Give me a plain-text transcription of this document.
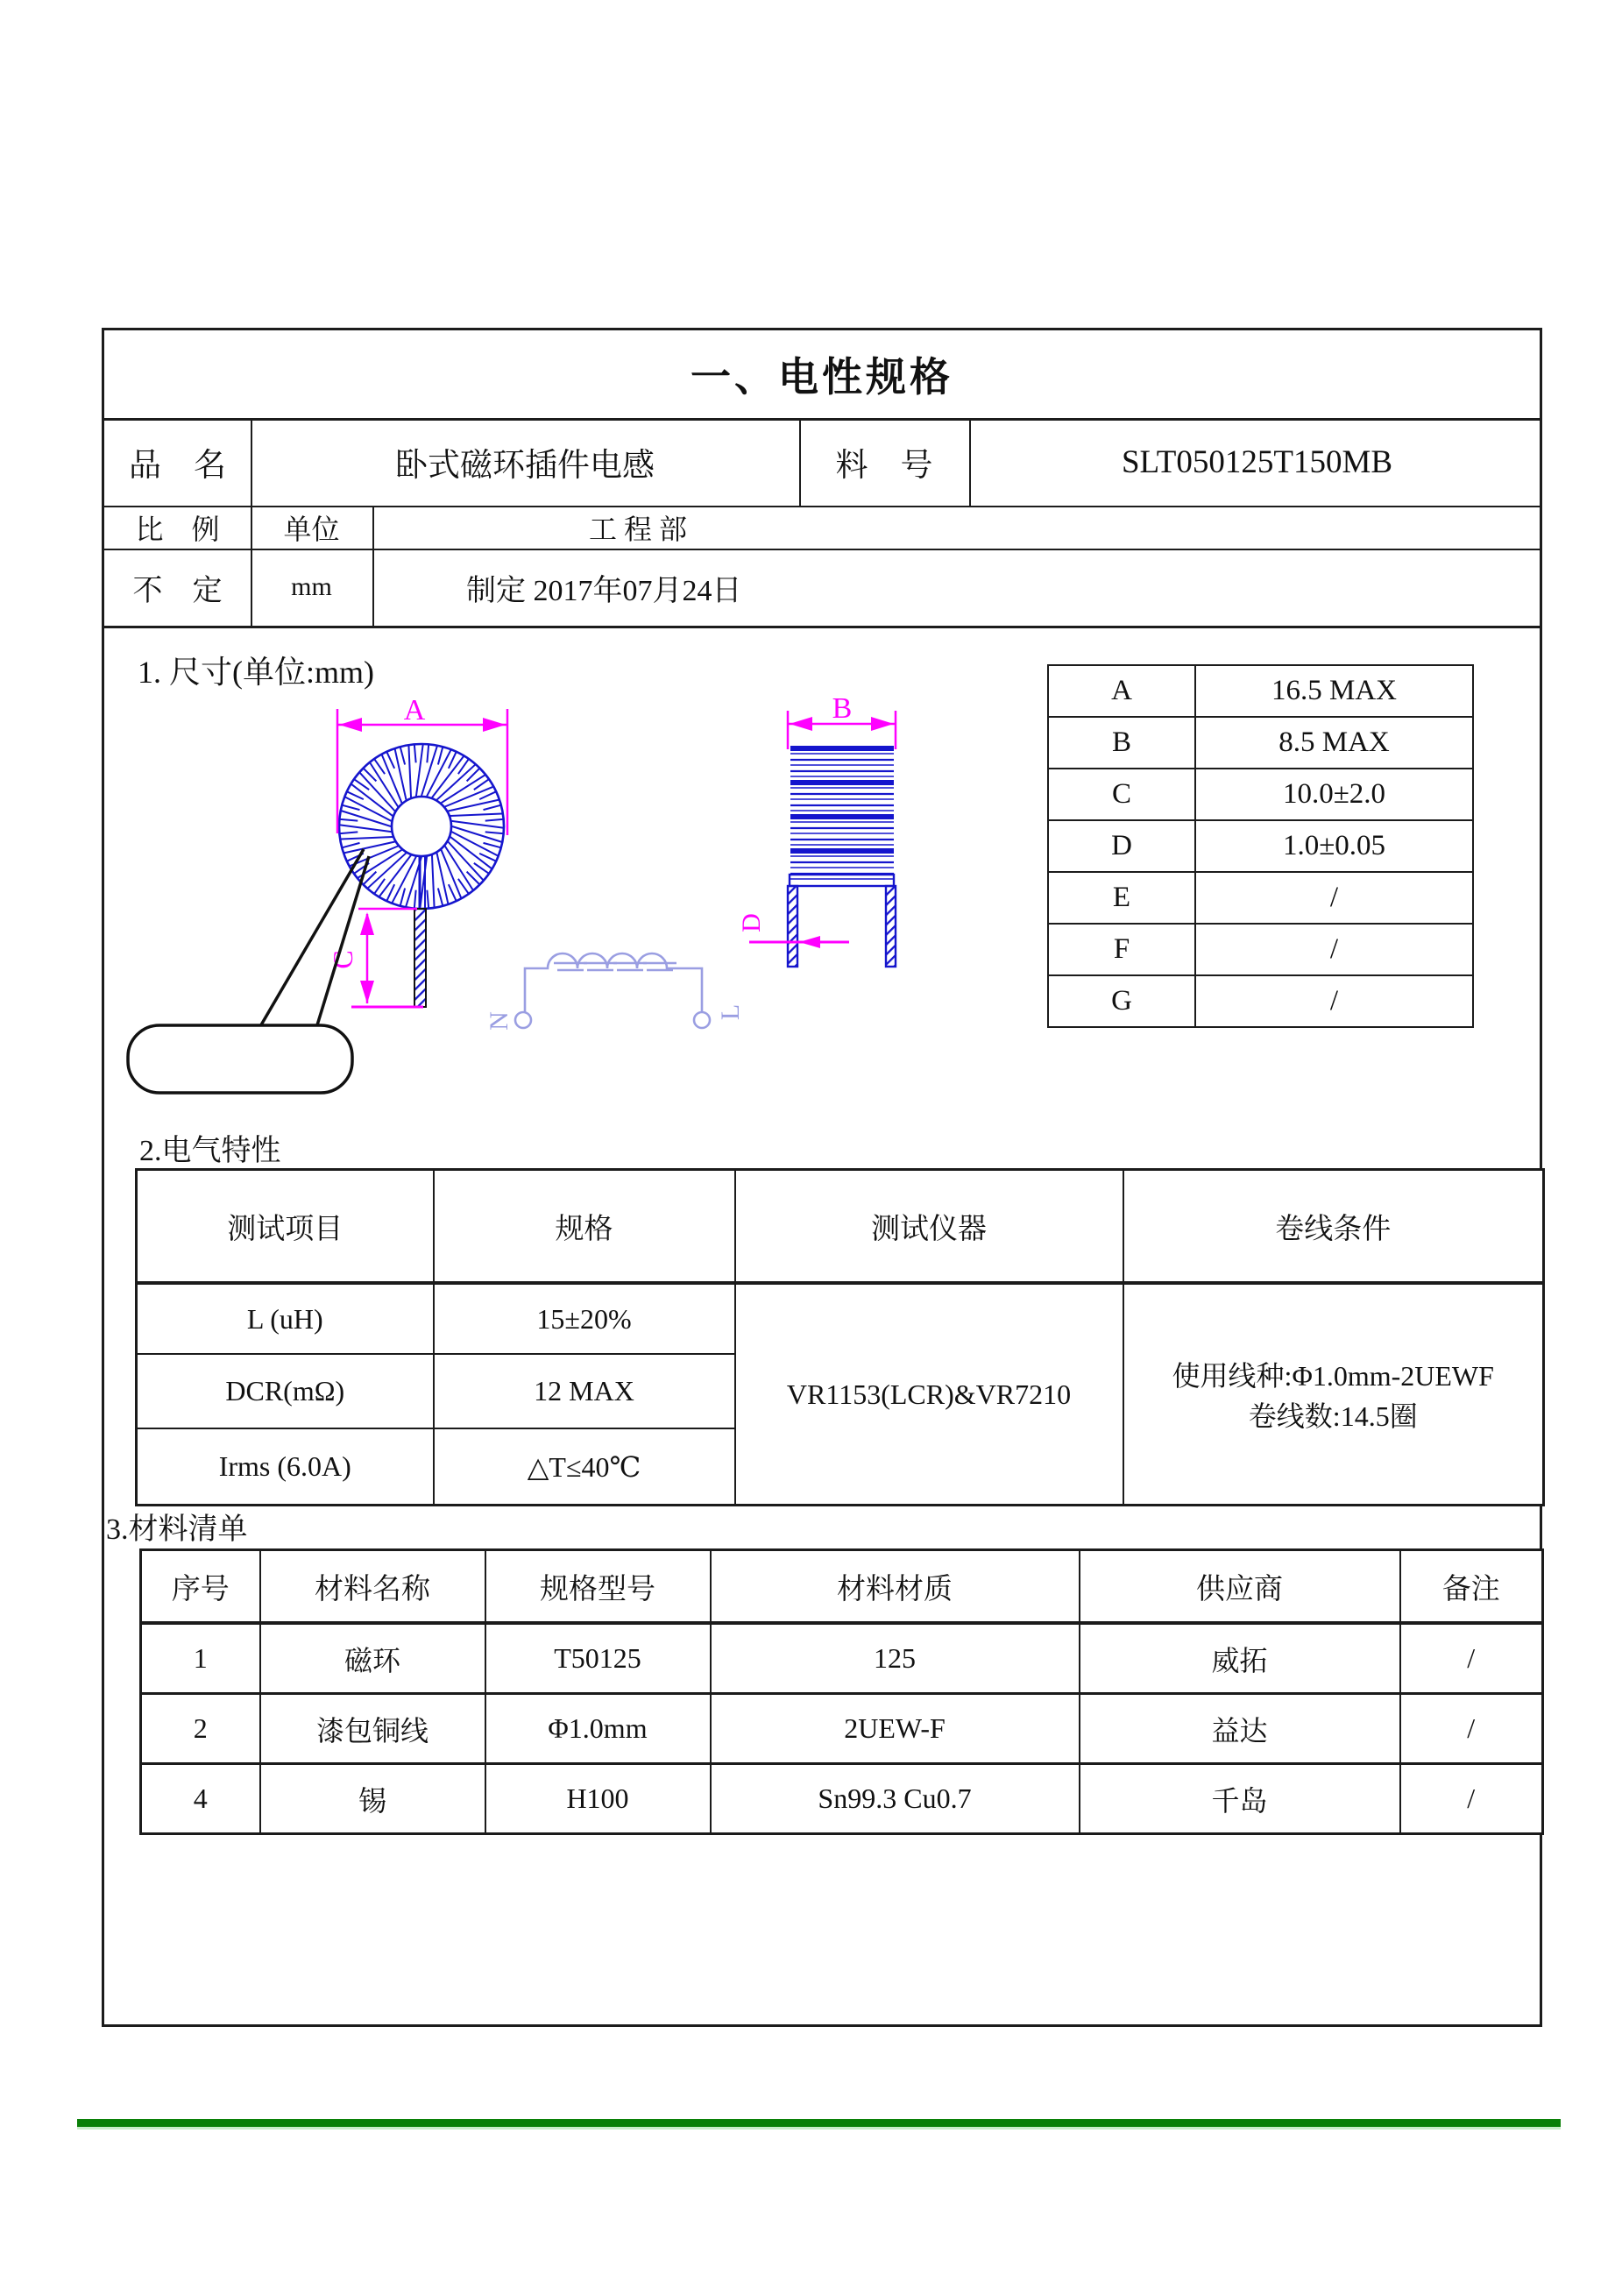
一、电性规格
品　名	卧式磁环插件电感	料　号	SLT050125T150MB
比　例	单位	工 程 部
不　定	mm	制定 2017年07月24日
1. 尺寸(单位:mm)
A
C
N	L
B
D
A	16.5 MAX
B	8.5 MAX
C	10.0±2.0
D	1.0±0.05
E	/
F	/
G	/
2.电气特性
测试项目	规格	测试仪器	卷线条件
L (uH)	15±20%	VR1153(LCR)&VR7210	使用线种:Φ1.0mm-2UEWF
卷线数:14.5圈

DCR(mΩ)	12 MAX		
Irms (6.0A)	△T≤40℃		
3.材料清单
序号	材料名称	规格型号	材料材质	供应商	备注
1	磁环	T50125	125	威拓	/
2	漆包铜线	Φ1.0mm	2UEW-F	益达	/
4	锡	H100	Sn99.3 Cu0.7	千岛	/
